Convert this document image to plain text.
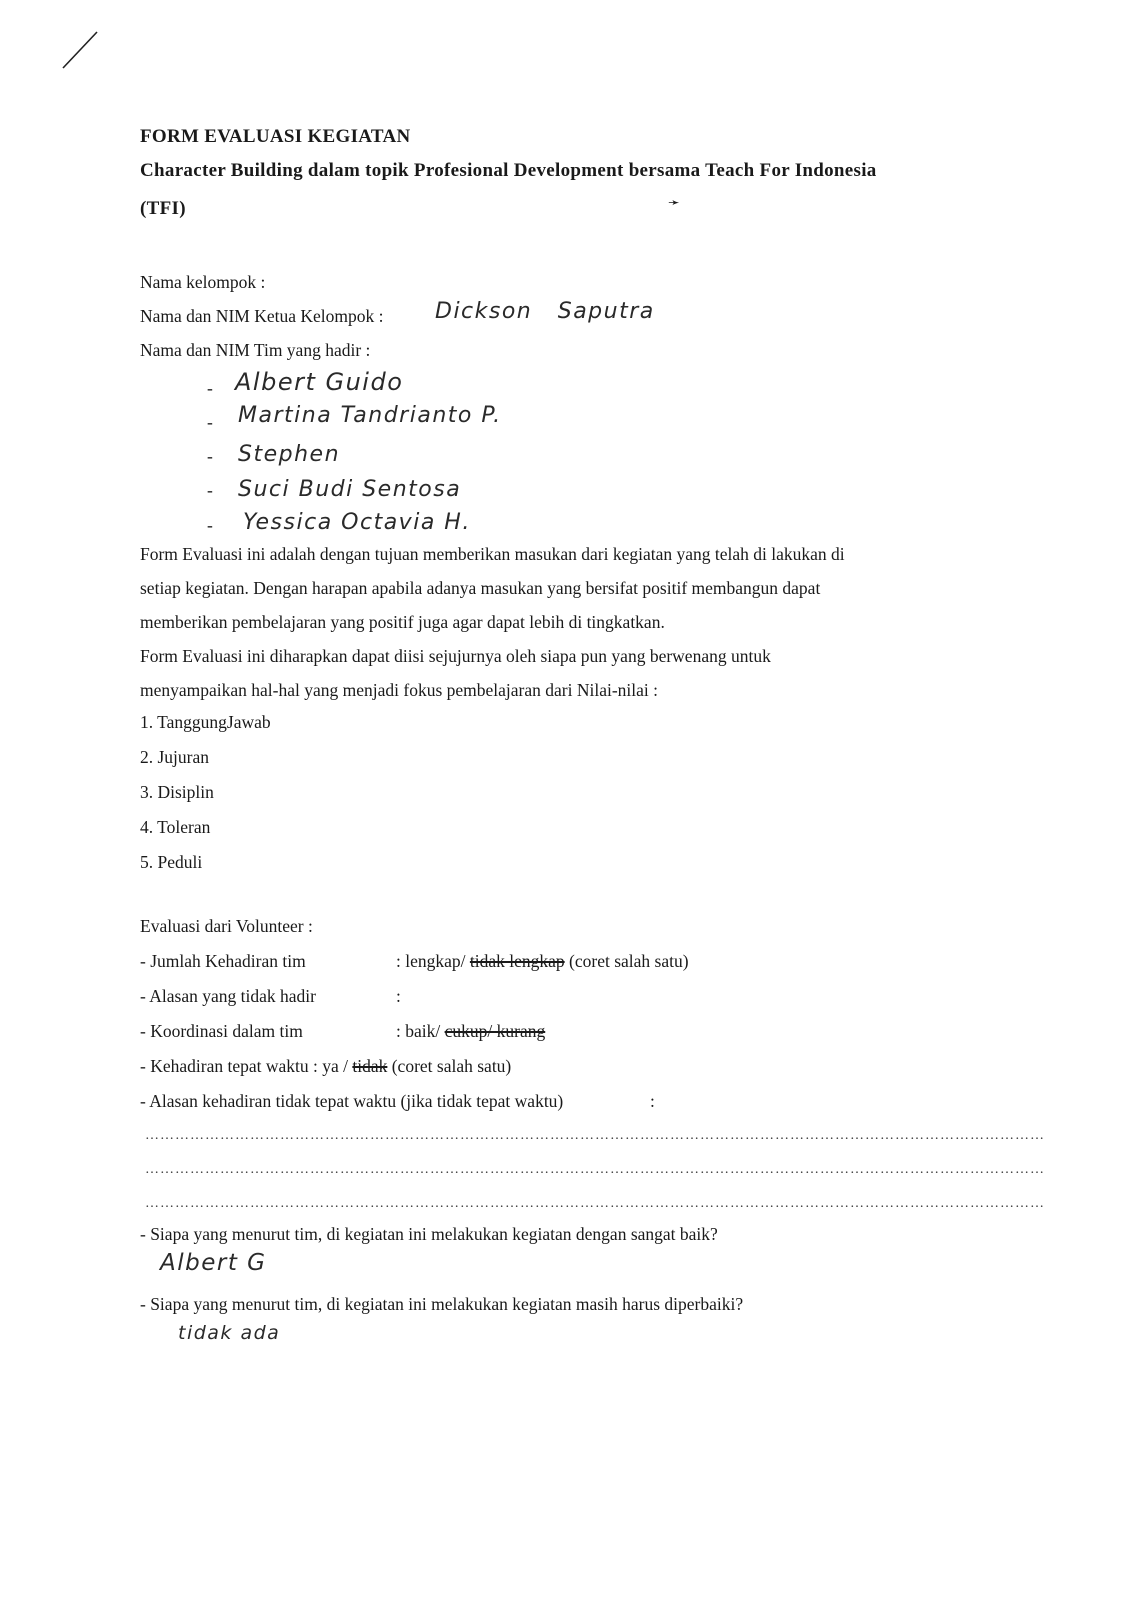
FORM EVALUASI KEGIATAN
Character Building dalam topik Profesional Development bersama Teach For Indonesia
(TFI)	➛
Nama kelompok :
Nama dan NIM Ketua Kelompok : Dickson   Saputra
Nama dan NIM Tim yang hadir :
- Albert Guido
- Martina Tandrianto P.
- Stephen
- Suci Budi Sentosa
- Yessica Octavia H.
Form Evaluasi ini adalah dengan tujuan memberikan masukan dari kegiatan yang telah di lakukan di
setiap kegiatan. Dengan harapan apabila adanya masukan yang bersifat positif membangun dapat
memberikan pembelajaran yang positif juga agar dapat lebih di tingkatkan.
Form Evaluasi ini diharapkan dapat diisi sejujurnya oleh siapa pun yang berwenang untuk
menyampaikan hal-hal yang menjadi fokus pembelajaran dari Nilai-nilai :
1. TanggungJawab
2. Jujuran
3. Disiplin
4. Toleran
5. Peduli
Evaluasi dari Volunteer :
- Jumlah Kehadiran tim	: lengkap/ tidak lengkap (coret salah satu)
- Alasan yang tidak hadir	:
- Koordinasi dalam tim	: baik/ cukup/ kurang
- Kehadiran tepat waktu : ya / tidak (coret salah satu)
- Alasan kehadiran tidak tepat waktu (jika tidak tepat waktu)	:
………………………………………………………………………………………………………………………………………………………………
………………………………………………………………………………………………………………………………………………………………
………………………………………………………………………………………………………………………………………………………………
- Siapa yang menurut tim, di kegiatan ini melakukan kegiatan dengan sangat baik?
Albert G
- Siapa yang menurut tim, di kegiatan ini melakukan kegiatan masih harus diperbaiki?
tidak ada
